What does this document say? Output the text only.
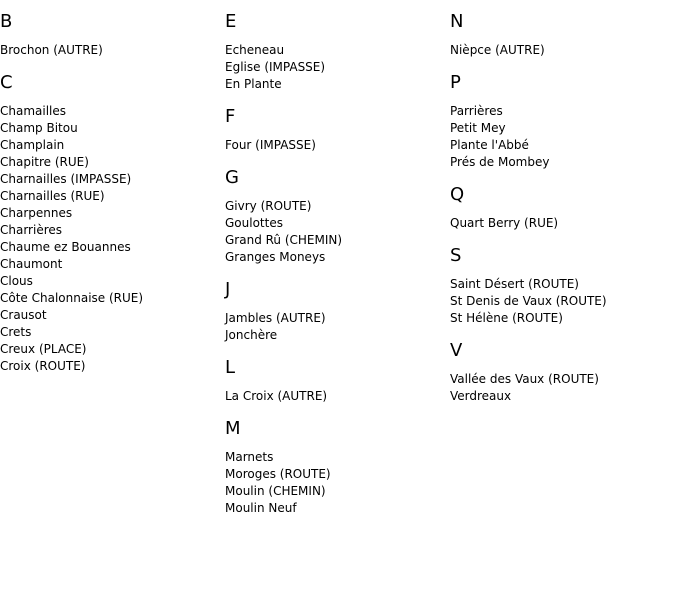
B
Brochon (AUTRE)
C
Chamailles
Champ Bitou
Champlain
Chapitre (RUE)
Charnailles (IMPASSE)
Charnailles (RUE)
Charpennes
Charrières
Chaume ez Bouannes
Chaumont
Clous
Côte Chalonnaise (RUE)
Crausot
Crets
Creux (PLACE)
Croix (ROUTE)
E
Echeneau
Eglise (IMPASSE)
En Plante
F
Four (IMPASSE)
G
Givry (ROUTE)
Goulottes
Grand Rû (CHEMIN)
Granges Moneys
J
Jambles (AUTRE)
Jonchère
L
La Croix (AUTRE)
M
Marnets
Moroges (ROUTE)
Moulin (CHEMIN)
Moulin Neuf
N
Nièpce (AUTRE)
P
Parrières
Petit Mey
Plante l'Abbé
Prés de Mombey
Q
Quart Berry (RUE)
S
Saint Désert (ROUTE)
St Denis de Vaux (ROUTE)
St Hélène (ROUTE)
V
Vallée des Vaux (ROUTE)
Verdreaux
